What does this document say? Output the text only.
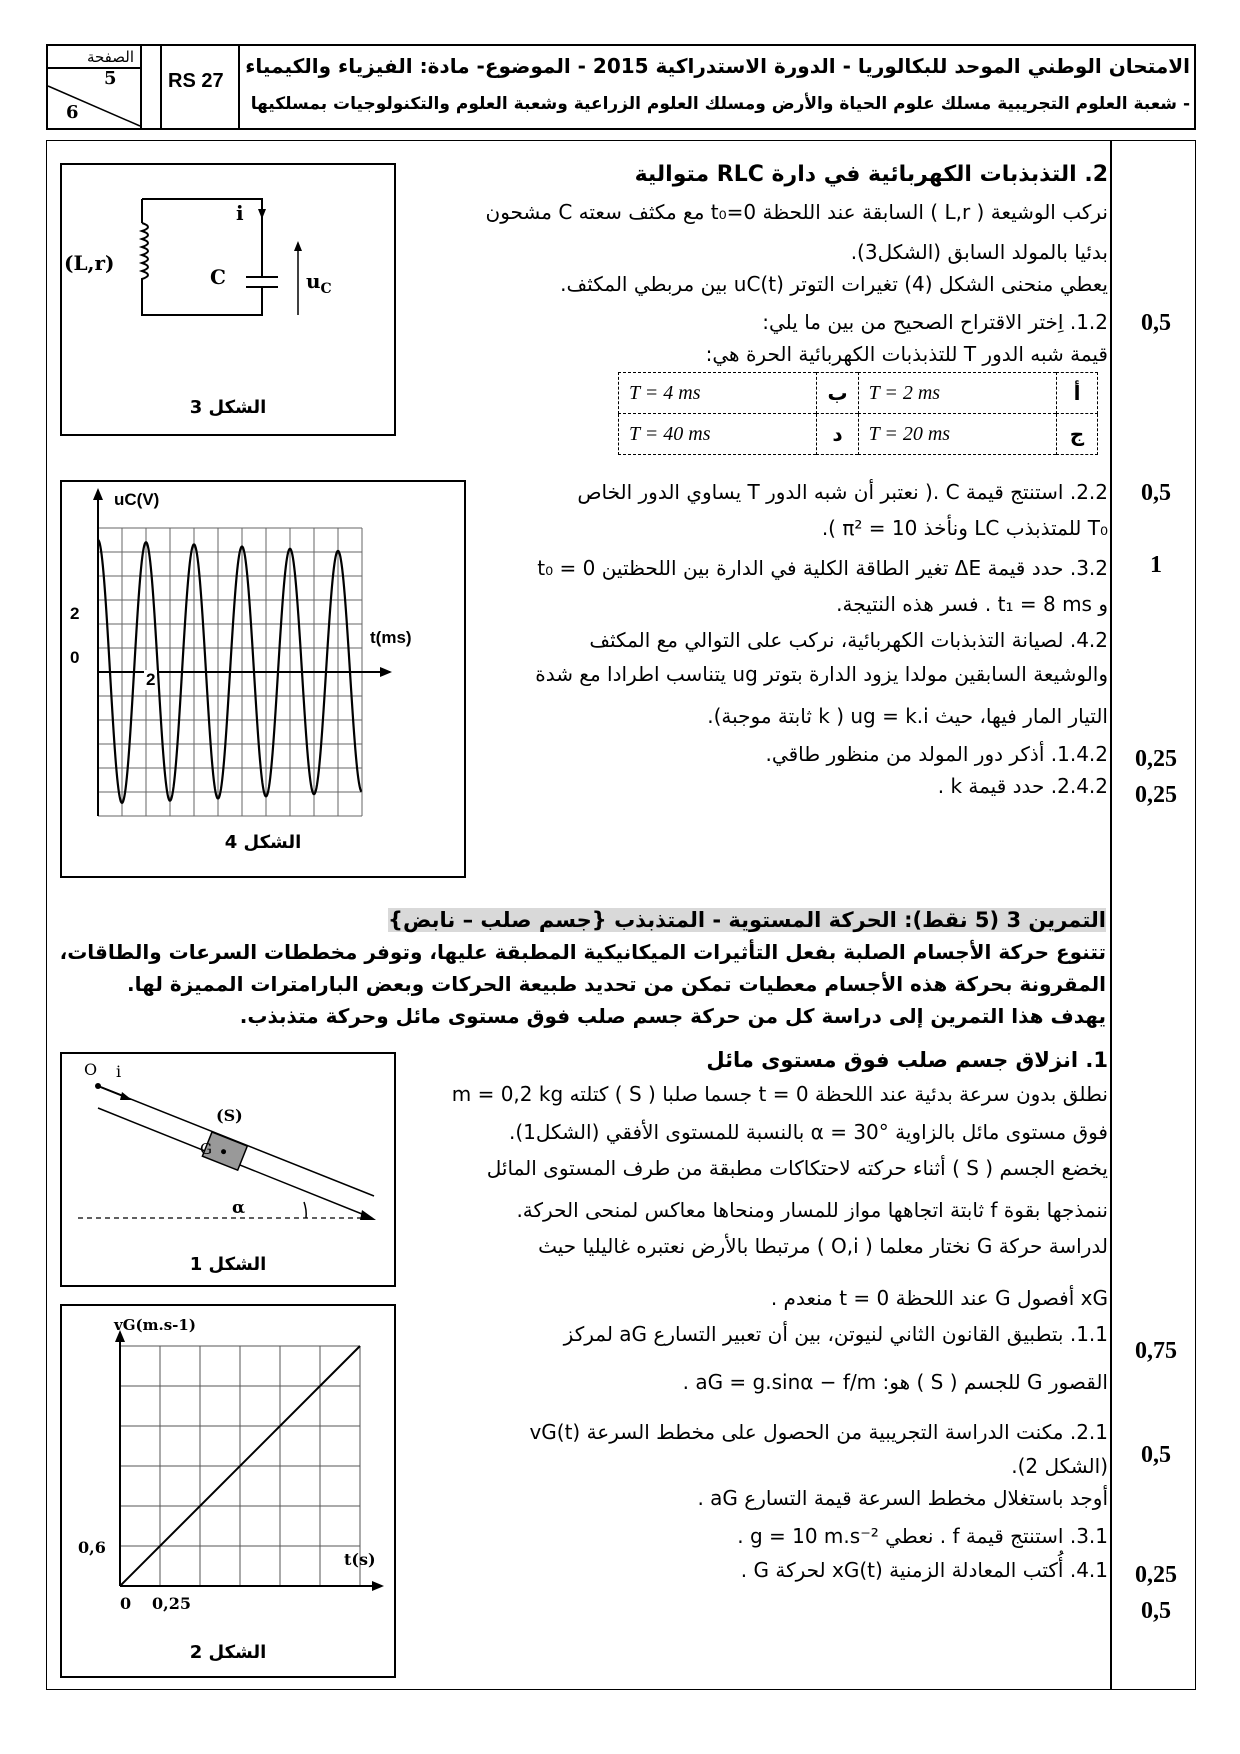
الصفحة
5
6
RS 27
الامتحان الوطني الموحد للبكالوريا - الدورة الاستدراكية 2015 - الموضوع- مادة: الفيزياء والكيمياء
- شعبة العلوم التجريبية مسلك علوم الحياة والأرض ومسلك العلوم الزراعية وشعبة العلوم والتكنولوجيات بمسلكيها
(L,r)
i
C	$u_C$
الشكل 3
uC(V)
t(ms)
2
0
2
الشكل 4
2. التذبذبات الكهربائية في دارة RLC متوالية
نركب الوشيعة ( L,r ) السابقة عند اللحظة t₀=0 مع مكثف سعته C مشحون
بدئيا بالمولد السابق (الشكل3).
يعطي منحنى الشكل (4) تغيرات التوتر uC(t) بين مربطي المكثف.
1.2. اِختر الاقتراح الصحيح من بين ما يلي:
قيمة شبه الدور T للتذبذبات الكهربائية الحرة هي:
أ	T = 2 ms	ب	T = 4 ms
ج	T = 20 ms	د	T = 40 ms
2.2. استنتج قيمة C .( نعتبر أن شبه الدور T يساوي الدور الخاص
T₀ للمتذبذب LC ونأخذ π² = 10 ).
3.2. حدد قيمة ΔE تغير الطاقة الكلية في الدارة بين اللحظتين t₀ = 0
و t₁ = 8 ms . فسر هذه النتيجة.
4.2. لصيانة التذبذبات الكهربائية، نركب على التوالي مع المكثف
والوشيعة السابقين مولدا يزود الدارة بتوتر ug يتناسب اطرادا مع شدة
التيار المار فيها، حيث ug = k.i ( k ثابتة موجبة).
1.4.2. أذكر دور المولد من منظور طاقي.
2.4.2. حدد قيمة k .
0,5
0,5
1
0,25
0,25
التمرين 3 (5 نقط): الحركة المستوية - المتذبذب {جسم صلب – نابض}
تتنوع حركة الأجسام الصلبة بفعل التأثيرات الميكانيكية المطبقة عليها، وتوفر مخططات السرعات والطاقات،
المقرونة بحركة هذه الأجسام معطيات تمكن من تحديد طبيعة الحركات وبعض البارامترات المميزة لها.
يهدف هذا التمرين إلى دراسة كل من حركة جسم صلب فوق مستوى مائل وحركة متذبذب.
O i
(S)
G
α
الشكل 1
vG(m.s-1)
t(s)
0,6
0 0,25
الشكل 2
1. انزلاق جسم صلب فوق مستوى مائل
نطلق بدون سرعة بدئية عند اللحظة t = 0 جسما صلبا ( S ) كتلته m = 0,2 kg
فوق مستوى مائل بالزاوية α = 30° بالنسبة للمستوى الأفقي (الشكل1).
يخضع الجسم ( S ) أثناء حركته لاحتكاكات مطبقة من طرف المستوى المائل
ننمذجها بقوة f ثابتة اتجاهها مواز للمسار ومنحاها معاكس لمنحى الحركة.
لدراسة حركة G نختار معلما ( O,i ) مرتبطا بالأرض نعتبره غاليليا حيث
xG أفصول G عند اللحظة t = 0 منعدم .
1.1. بتطبيق القانون الثاني لنيوتن، بين أن تعبير التسارع aG لمركز
القصور G للجسم ( S ) هو: aG = g.sinα − f/m .
2.1. مكنت الدراسة التجريبية من الحصول على مخطط السرعة vG(t)
(الشكل 2).
أوجد باستغلال مخطط السرعة قيمة التسارع aG .
3.1. استنتج قيمة f . نعطي g = 10 m.s⁻² .
4.1. أُكتب المعادلة الزمنية xG(t) لحركة G .
0,75
0,5
0,25
0,5
